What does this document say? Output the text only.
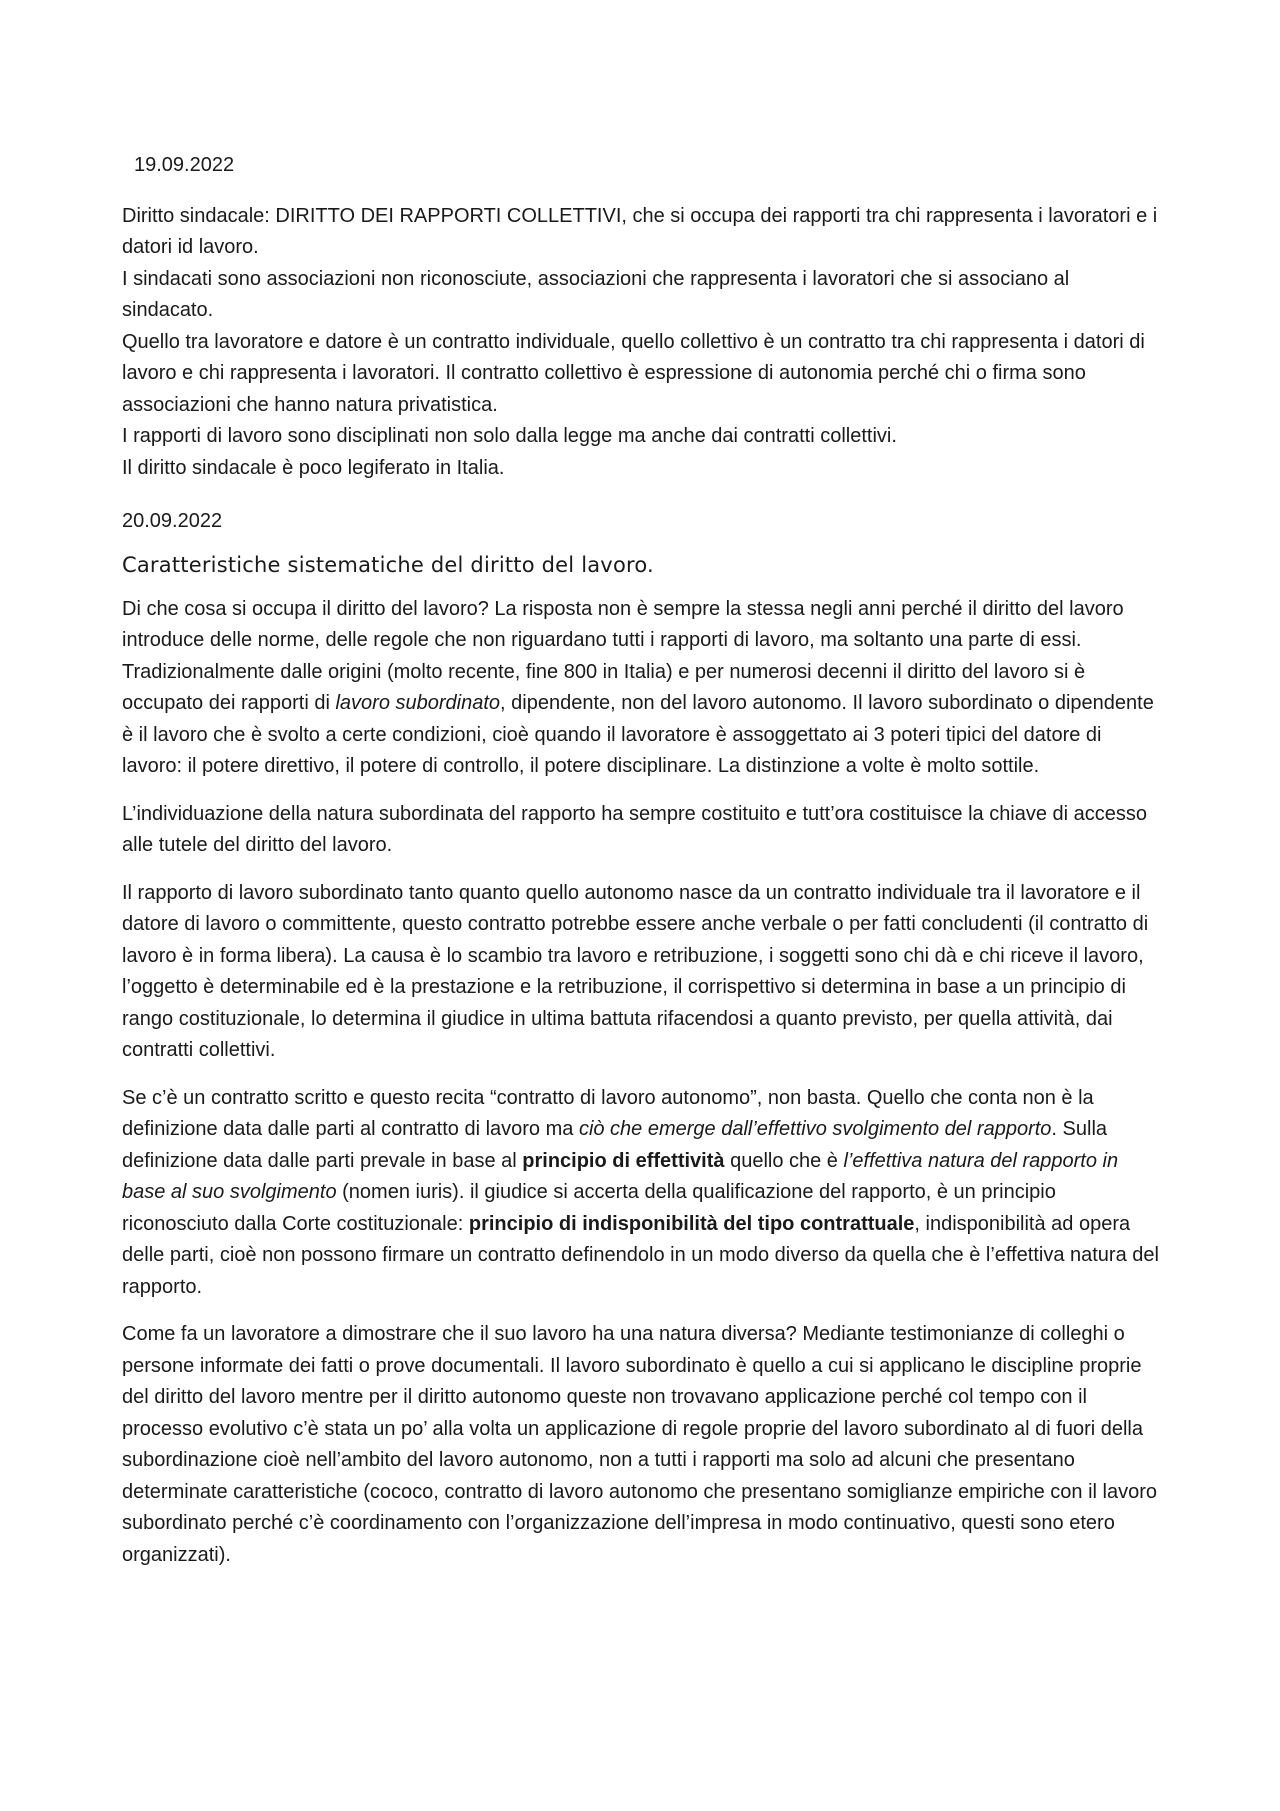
19.09.2022
Diritto sindacale: DIRITTO DEI RAPPORTI COLLETTIVI, che si occupa dei rapporti tra chi rappresenta i lavoratori e i datori id lavoro.
I sindacati sono associazioni non riconosciute, associazioni che rappresenta i lavoratori che si associano al sindacato.
Quello tra lavoratore e datore è un contratto individuale, quello collettivo è un contratto tra chi rappresenta i datori di lavoro e chi rappresenta i lavoratori. Il contratto collettivo è espressione di autonomia perché chi o firma sono associazioni che hanno natura privatistica.
I rapporti di lavoro sono disciplinati non solo dalla legge ma anche dai contratti collettivi.
Il diritto sindacale è poco legiferato in Italia.
20.09.2022
Caratteristiche sistematiche del diritto del lavoro.

Di che cosa si occupa il diritto del lavoro? La risposta non è sempre la stessa negli anni perché il diritto del lavoro introduce delle norme, delle regole che non riguardano tutti i rapporti di lavoro, ma soltanto una parte di essi. Tradizionalmente dalle origini (molto recente, fine 800 in Italia) e per numerosi decenni il diritto del lavoro si è occupato dei rapporti di lavoro subordinato, dipendente, non del lavoro autonomo. Il lavoro subordinato o dipendente è il lavoro che è svolto a certe condizioni, cioè quando il lavoratore è assoggettato ai 3 poteri tipici del datore di lavoro: il potere direttivo, il potere di controllo, il potere disciplinare. La distinzione a volte è molto sottile.

L’individuazione della natura subordinata del rapporto ha sempre costituito e tutt’ora costituisce la chiave di accesso alle tutele del diritto del lavoro.

Il rapporto di lavoro subordinato tanto quanto quello autonomo nasce da un contratto individuale tra il lavoratore e il datore di lavoro o committente, questo contratto potrebbe essere anche verbale o per fatti concludenti (il contratto di lavoro è in forma libera). La causa è lo scambio tra lavoro e retribuzione, i soggetti sono chi dà e chi riceve il lavoro, l’oggetto è determinabile ed è la prestazione e la retribuzione, il corrispettivo si determina in base a un principio di rango costituzionale, lo determina il giudice in ultima battuta rifacendosi a quanto previsto, per quella attività, dai contratti collettivi.

Se c’è un contratto scritto e questo recita “contratto di lavoro autonomo”, non basta. Quello che conta non è la definizione data dalle parti al contratto di lavoro ma ciò che emerge dall’effettivo svolgimento del rapporto. Sulla definizione data dalle parti prevale in base al principio di effettività quello che è l’effettiva natura del rapporto in base al suo svolgimento (nomen iuris). il giudice si accerta della qualificazione del rapporto, è un principio riconosciuto dalla Corte costituzionale: principio di indisponibilità del tipo contrattuale, indisponibilità ad opera delle parti, cioè non possono firmare un contratto definendolo in un modo diverso da quella che è l’effettiva natura del rapporto.

Come fa un lavoratore a dimostrare che il suo lavoro ha una natura diversa? Mediante testimonianze di colleghi o persone informate dei fatti o prove documentali. Il lavoro subordinato è quello a cui si applicano le discipline proprie del diritto del lavoro mentre per il diritto autonomo queste non trovavano applicazione perché col tempo con il processo evolutivo c’è stata un po’ alla volta un applicazione di regole proprie del lavoro subordinato al di fuori della subordinazione cioè nell’ambito del lavoro autonomo, non a tutti i rapporti ma solo ad alcuni che presentano determinate caratteristiche (cococo, contratto di lavoro autonomo che presentano somiglianze empiriche con il lavoro subordinato perché c’è coordinamento con l’organizzazione dell’impresa in modo continuativo, questi sono etero organizzati).
